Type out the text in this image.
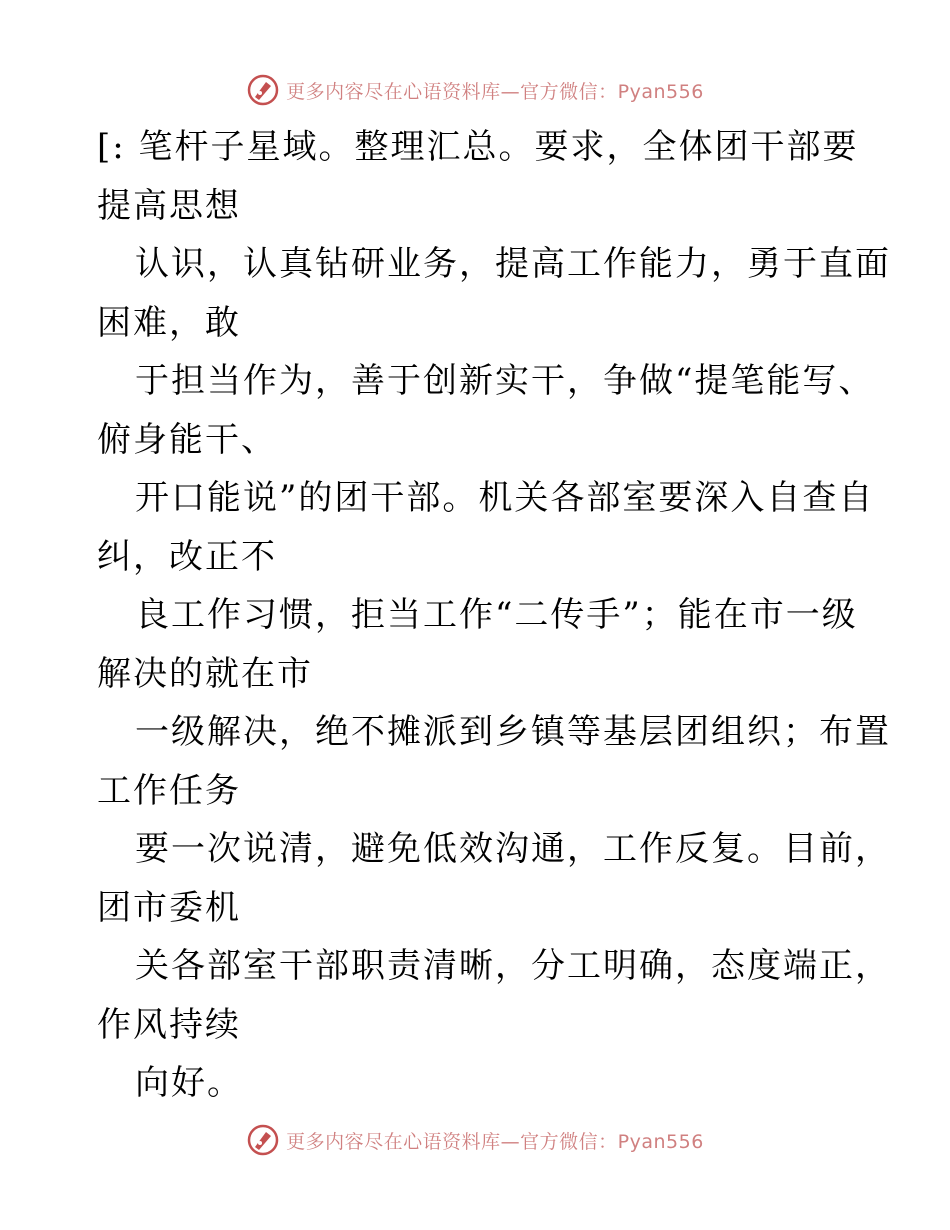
更多内容尽在心语资料库—官方微信：Pyan556
[: 笔杆子星域。整理汇总。要求，全体团干部要
提高思想
认识，认真钻研业务，提高工作能力，勇于直面
困难，敢
于担当作为，善于创新实干，争做“提笔能写、
俯身能干、
开口能说”的团干部。机关各部室要深入自查自
纠，改正不
良工作习惯，拒当工作“二传手”；能在市一级
解决的就在市
一级解决，绝不摊派到乡镇等基层团组织；布置
工作任务
要一次说清，避免低效沟通，工作反复。目前，
团市委机
关各部室干部职责清晰，分工明确，态度端正，
作风持续
向好。
更多内容尽在心语资料库—官方微信：Pyan556
